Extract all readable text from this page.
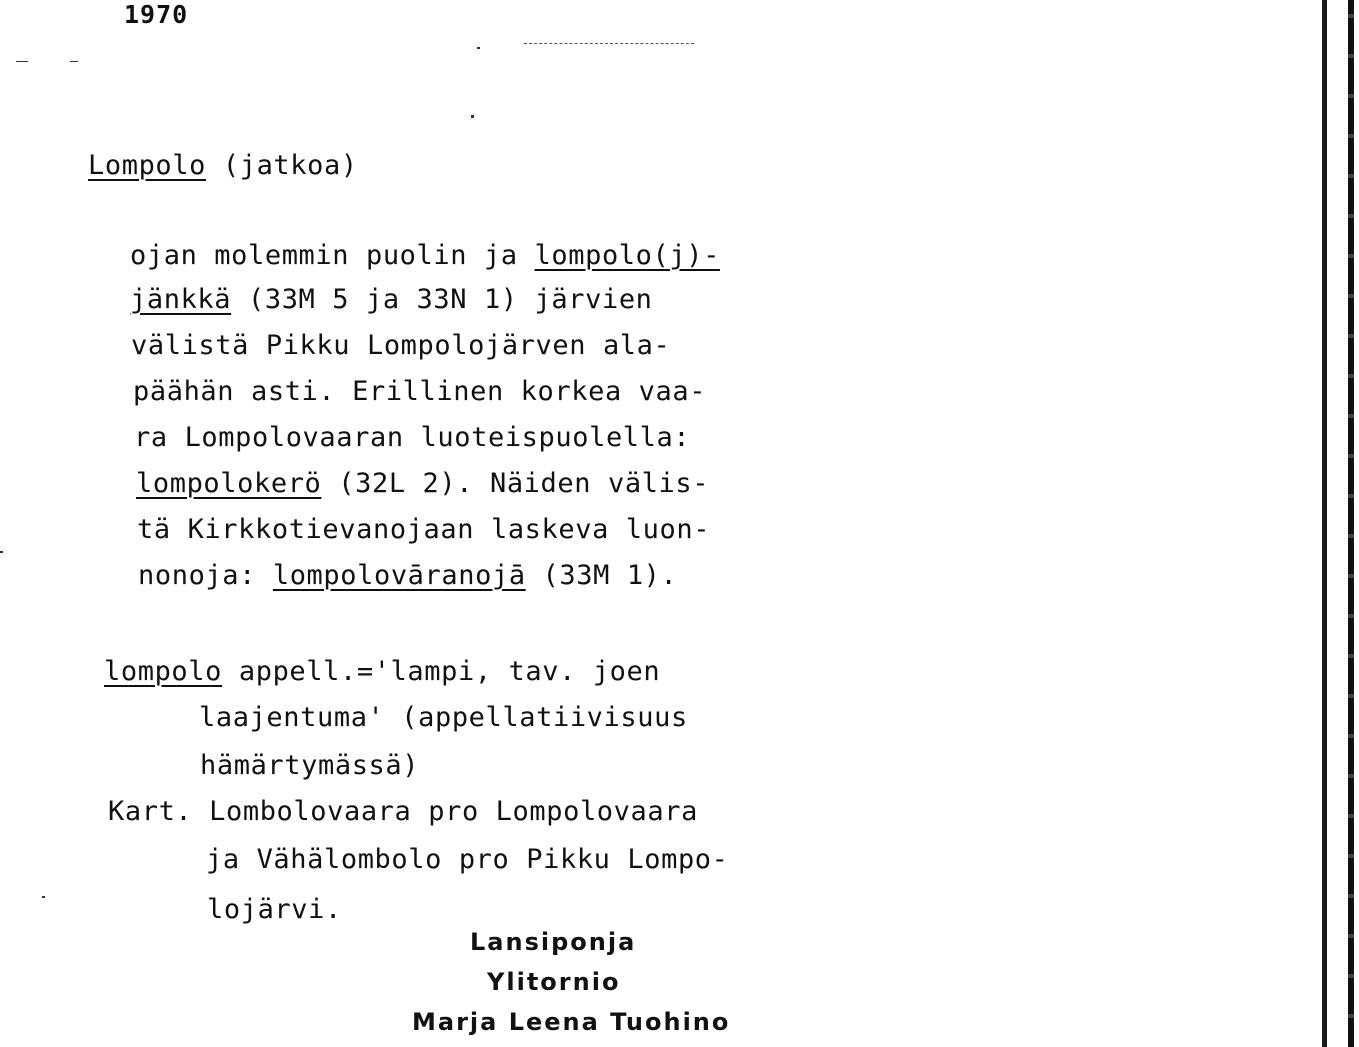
1970
Lompolo (jatkoa)
ojan molemmin puolin ja lompolo(j)-
jänkkä (33M 5 ja 33N 1) järvien
välistä Pikku Lompolojärven ala-
päähän asti. Erillinen korkea vaa-
ra Lompolovaaran luoteispuolella:
lompolokerö (32L 2). Näiden välis-
tä Kirkkotievanojaan laskeva luon-
nonoja: lompolovāranojā (33M 1).
lompolo appell.='lampi, tav. joen
laajentuma' (appellatiivisuus
hämärtymässä)
Kart. Lombolovaara pro Lompolovaara
ja Vähälombolo pro Pikku Lompo-
lojärvi.
Lansiponja
Ylitornio
Marja Leena Tuohino
